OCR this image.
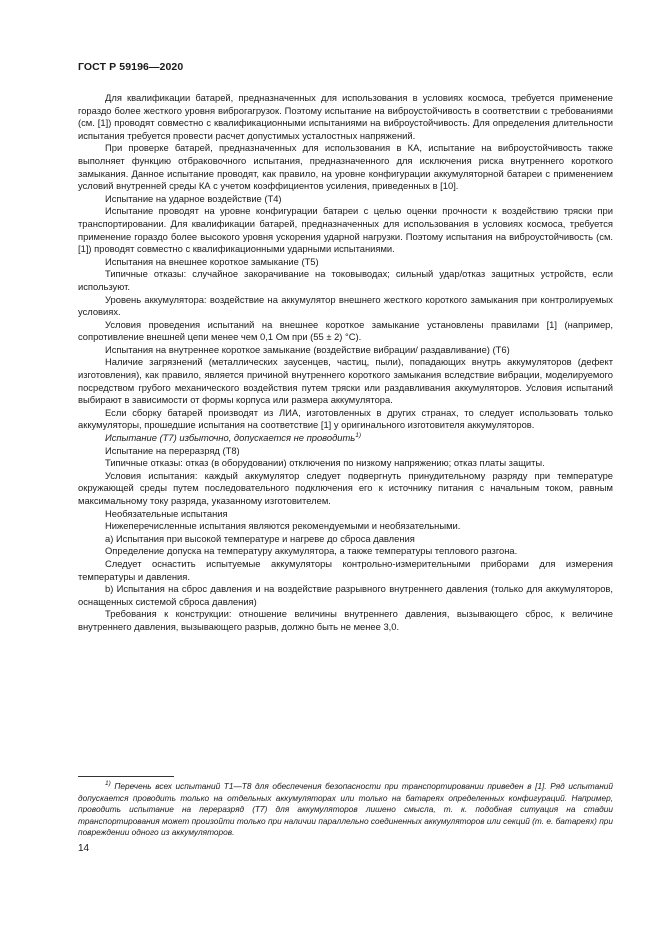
ГОСТ Р 59196—2020

Для квалификации батарей, предназначенных для использования в условиях космоса, требуется применение гораздо более жесткого уровня виброгагрузок. Поэтому испытание на виброустойчивость в соответствии с требованиями (см. [1]) проводят совместно с квалификационными испытаниями на виброустойчивость. Для определения длительности испытания требуется провести расчет допустимых усталостных напряжений.

При проверке батарей, предназначенных для использования в КА, испытание на виброустойчивость также выполняет функцию отбраковочного испытания, предназначенного для исключения риска внутреннего короткого замыкания. Данное испытание проводят, как правило, на уровне конфигурации аккумуляторной батареи с применением условий внутренней среды КА с учетом коэффициентов усиления, приведенных в [10].

Испытание на ударное воздействие (T4)

Испытание проводят на уровне конфигурации батареи с целью оценки прочности к воздействию тряски при транспортировании. Для квалификации батарей, предназначенных для использования в условиях космоса, требуется применение гораздо более высокого уровня ускорения ударной нагрузки. Поэтому испытания на виброустойчивость (см. [1]) проводят совместно с квалификационными ударными испытаниями.

Испытания на внешнее короткое замыкание (T5)

Типичные отказы: случайное закорачивание на токовыводах; сильный удар/отказ защитных устройств, если используют.

Уровень аккумулятора: воздействие на аккумулятор внешнего жесткого короткого замыкания при контролируемых условиях.

Условия проведения испытаний на внешнее короткое замыкание установлены правилами [1] (например, сопротивление внешней цепи менее чем 0,1 Ом при (55 ± 2) °C).

Испытания на внутреннее короткое замыкание (воздействие вибрации/ раздавливание) (T6)

Наличие загрязнений (металлических заусенцев, частиц, пыли), попадающих внутрь аккумуляторов (дефект изготовления), как правило, является причиной внутреннего короткого замыкания вследствие вибрации, моделируемого посредством грубого механического воздействия путем тряски или раздавливания аккумуляторов. Условия испытаний выбирают в зависимости от формы корпуса или размера аккумулятора.

Если сборку батарей производят из ЛИА, изготовленных в других странах, то следует использовать только аккумуляторы, прошедшие испытания на соответствие [1] у оригинального изготовителя аккумуляторов.

Испытание (T7) избыточно, допускается не проводить$^{1)}$

Испытание на переразряд (T8)

Типичные отказы: отказ (в оборудовании) отключения по низкому напряжению; отказ платы защиты.

Условия испытания: каждый аккумулятор следует подвергнуть принудительному разряду при температуре окружающей среды путем последовательного подключения его к источнику питания с начальным током, равным максимальному току разряда, указанному изготовителем.

Необязательные испытания

Нижеперечисленные испытания являются рекомендуемыми и необязательными.

a) Испытания при высокой температуре и нагреве до сброса давления

Определение допуска на температуру аккумулятора, а также температуры теплового разгона.

Следует оснастить испытуемые аккумуляторы контрольно-измерительными приборами для измерения температуры и давления.

b) Испытания на сброс давления и на воздействие разрывного внутреннего давления (только для аккумуляторов, оснащенных системой сброса давления)

Требования к конструкции: отношение величины внутреннего давления, вызывающего сброс, к величине внутреннего давления, вызывающего разрыв, должно быть не менее 3,0.

$^{1)}$ Перечень всех испытаний T1—T8 для обеспечения безопасности при транспортировании приведен в [1]. Ряд испытаний допускается проводить только на отдельных аккумуляторах или только на батареях определенных конфигураций. Например, проводить испытание на переразряд (T7) для аккумуляторов лишено смысла, т. к. подобная ситуация на стадии транспортирования может произойти только при наличии параллельно соединенных аккумуляторов или секций (т. е. батареях) при повреждении одного из аккумуляторов.

14
